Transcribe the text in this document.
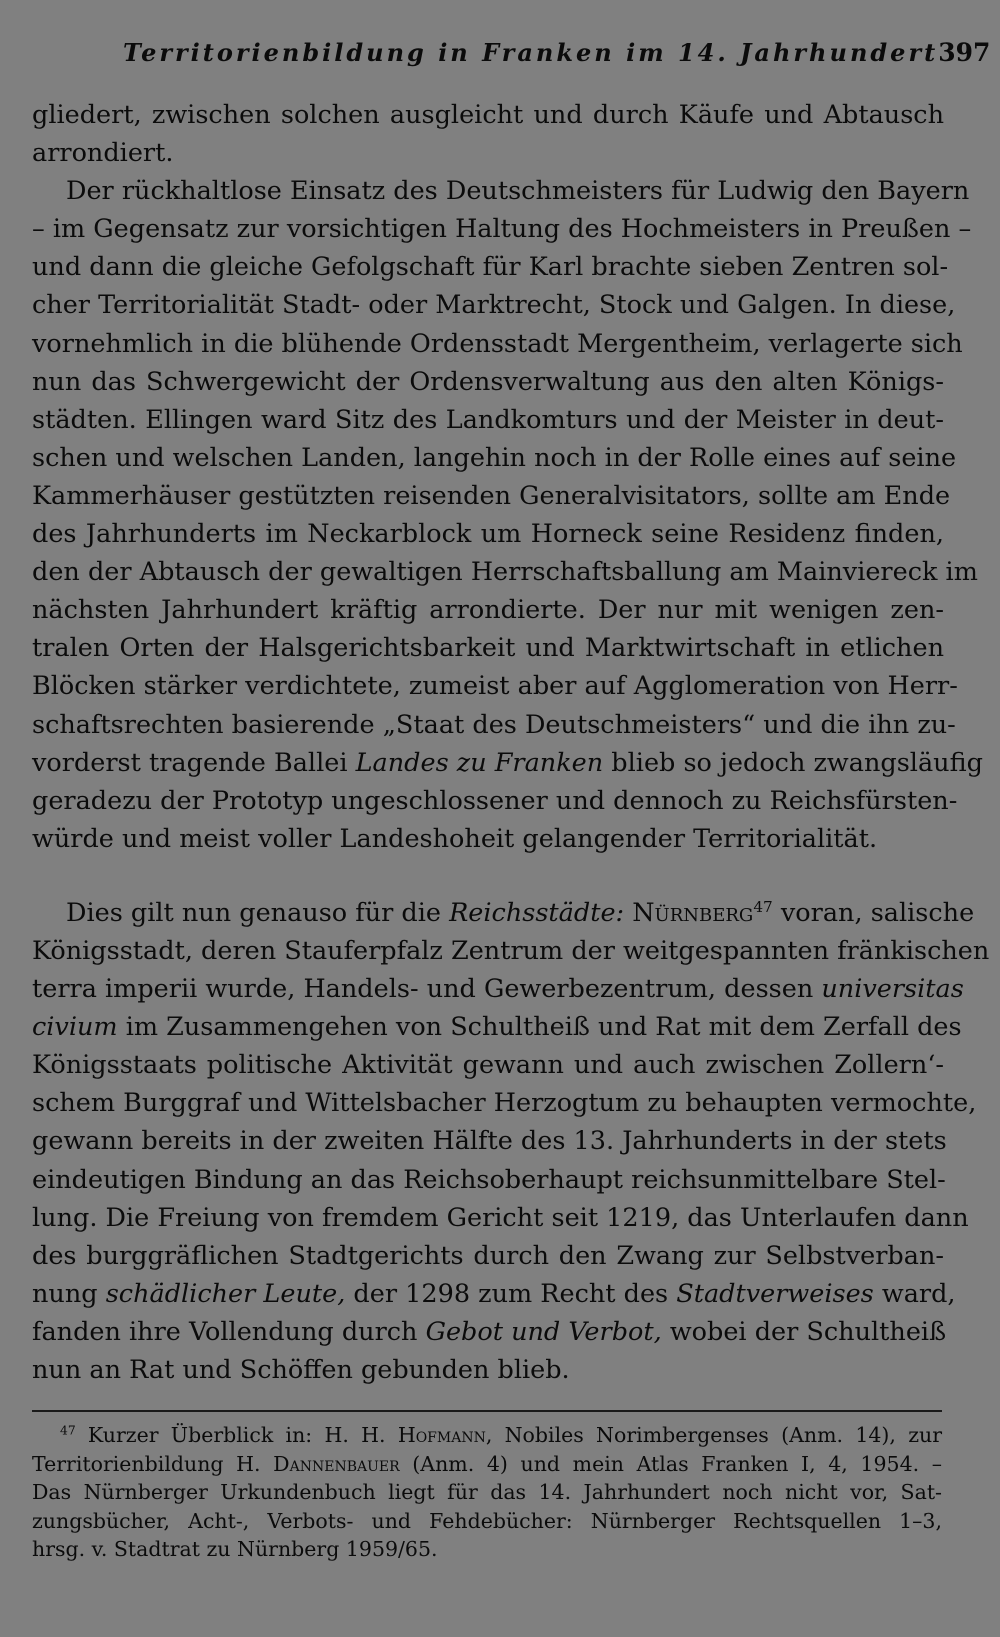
Territorienbildung in Franken im 14. Jahrhundert 397
gliedert, zwischen solchen ausgleicht und durch Käufe und Abtausch
arrondiert.
Der rückhaltlose Einsatz des Deutschmeisters für Ludwig den Bayern
– im Gegensatz zur vorsichtigen Haltung des Hochmeisters in Preußen –
und dann die gleiche Gefolgschaft für Karl brachte sieben Zentren sol-
cher Territorialität Stadt- oder Marktrecht, Stock und Galgen. In diese,
vornehmlich in die blühende Ordensstadt Mergentheim, verlagerte sich
nun das Schwergewicht der Ordensverwaltung aus den alten Königs-
städten. Ellingen ward Sitz des Landkomturs und der Meister in deut-
schen und welschen Landen, langehin noch in der Rolle eines auf seine
Kammerhäuser gestützten reisenden Generalvisitators, sollte am Ende
des Jahrhunderts im Neckarblock um Horneck seine Residenz finden,
den der Abtausch der gewaltigen Herrschaftsballung am Mainviereck im
nächsten Jahrhundert kräftig arrondierte. Der nur mit wenigen zen-
tralen Orten der Halsgerichtsbarkeit und Marktwirtschaft in etlichen
Blöcken stärker verdichtete, zumeist aber auf Agglomeration von Herr-
schaftsrechten basierende „Staat des Deutschmeisters“ und die ihn zu-
vorderst tragende Ballei Landes zu Franken blieb so jedoch zwangsläufig
geradezu der Prototyp ungeschlossener und dennoch zu Reichsfürsten-
würde und meist voller Landeshoheit gelangender Territorialität.
Dies gilt nun genauso für die Reichsstädte: Nürnberg$^{47}$ voran, salische
Königsstadt, deren Stauferpfalz Zentrum der weitgespannten fränkischen
terra imperii wurde, Handels- und Gewerbezentrum, dessen universitas
civium im Zusammengehen von Schultheiß und Rat mit dem Zerfall des
Königsstaats politische Aktivität gewann und auch zwischen Zollern‘-
schem Burggraf und Wittelsbacher Herzogtum zu behaupten vermochte,
gewann bereits in der zweiten Hälfte des 13. Jahrhunderts in der stets
eindeutigen Bindung an das Reichsoberhaupt reichsunmittelbare Stel-
lung. Die Freiung von fremdem Gericht seit 1219, das Unterlaufen dann
des burggräflichen Stadtgerichts durch den Zwang zur Selbstverban-
nung schädlicher Leute, der 1298 zum Recht des Stadtverweises ward,
fanden ihre Vollendung durch Gebot und Verbot, wobei der Schultheiß
nun an Rat und Schöffen gebunden blieb.
$^{47}$ Kurzer Überblick in: H. H. Hofmann, Nobiles Norimbergenses (Anm. 14), zur
Territorienbildung H. Dannenbauer (Anm. 4) und mein Atlas Franken I, 4, 1954. –
Das Nürnberger Urkundenbuch liegt für das 14. Jahrhundert noch nicht vor, Sat-
zungsbücher, Acht-, Verbots- und Fehdebücher: Nürnberger Rechtsquellen 1–3,
hrsg. v. Stadtrat zu Nürnberg 1959/65.
